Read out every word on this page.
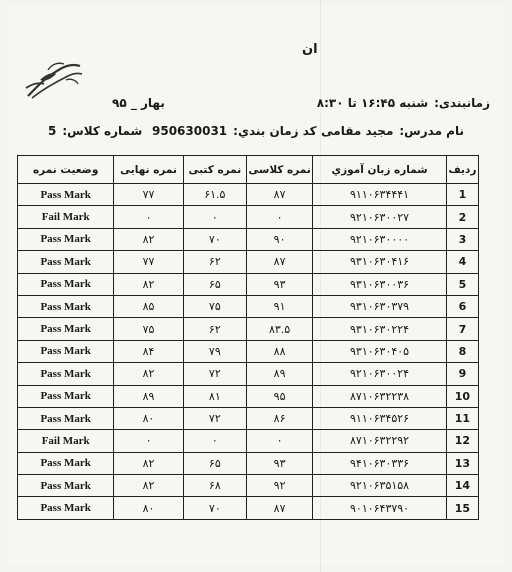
ان
زمانبندی:شنبه ۱۶:۴۵ تا ۸:۳۰
بهار _ ۹۵
نام مدرس:مجید مقامی
کد زمان بندي:950630031
شماره کلاس:5
وضعیت نمره	نمره نهایی	نمره کتبی	نمره کلاسی	شماره زبان آموزي	رديف
Pass Mark	۷۷	۶۱.۵	۸۷	۹۱۱۰۶۳۴۴۴۱	1
Fail Mark	۰	۰	۰	۹۲۱۰۶۳۰۰۲۷	2
Pass Mark	۸۲	۷۰	۹۰	۹۲۱۰۶۳۰۰۰۰	3
Pass Mark	۷۷	۶۲	۸۷	۹۳۱۰۶۳۰۴۱۶	4
Pass Mark	۸۲	۶۵	۹۳	۹۳۱۰۶۳۰۰۳۶	5
Pass Mark	۸۵	۷۵	۹۱	۹۳۱۰۶۳۰۳۷۹	6
Pass Mark	۷۵	۶۲	۸۳.۵	۹۳۱۰۶۳۰۲۲۴	7
Pass Mark	۸۴	۷۹	۸۸	۹۳۱۰۶۳۰۴۰۵	8
Pass Mark	۸۲	۷۲	۸۹	۹۲۱۰۶۳۰۰۲۴	9
Pass Mark	۸۹	۸۱	۹۵	۸۷۱۰۶۳۲۲۳۸	10
Pass Mark	۸۰	۷۲	۸۶	۹۱۱۰۶۳۴۵۲۶	11
Fail Mark	۰	۰	۰	۸۷۱۰۶۳۲۲۹۲	12
Pass Mark	۸۲	۶۵	۹۳	۹۴۱۰۶۳۰۳۳۶	13
Pass Mark	۸۲	۶۸	۹۲	۹۲۱۰۶۳۵۱۵۸	14
Pass Mark	۸۰	۷۰	۸۷	۹۰۱۰۶۴۳۷۹۰	15
